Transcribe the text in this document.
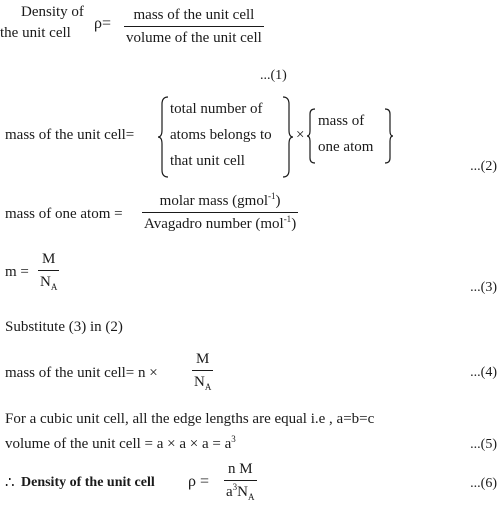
Density of
the unit cell
ρ= mass of the unit cell
volume of the unit cell
...(1)
mass of the unit cell=
total number of
atoms belongs to
that unit cell
×
mass of
one atom
...(2)
mass of one atom =
molar mass (gmol$^{-1}$)
Avagadro number (mol$^{-1}$)
m =
M
$N_A$	...(3)
Substitute (3) in (2)
mass of the unit cell= n ×
M
$N_A$
...(4)
For a cubic unit cell, all the edge lengths are equal i.e , a=b=c
volume of the unit cell = $a \times a \times a = a^3$	...(5)
∴ Density of the unit cell ρ =
n M
$a^3N_A$
...(6)
